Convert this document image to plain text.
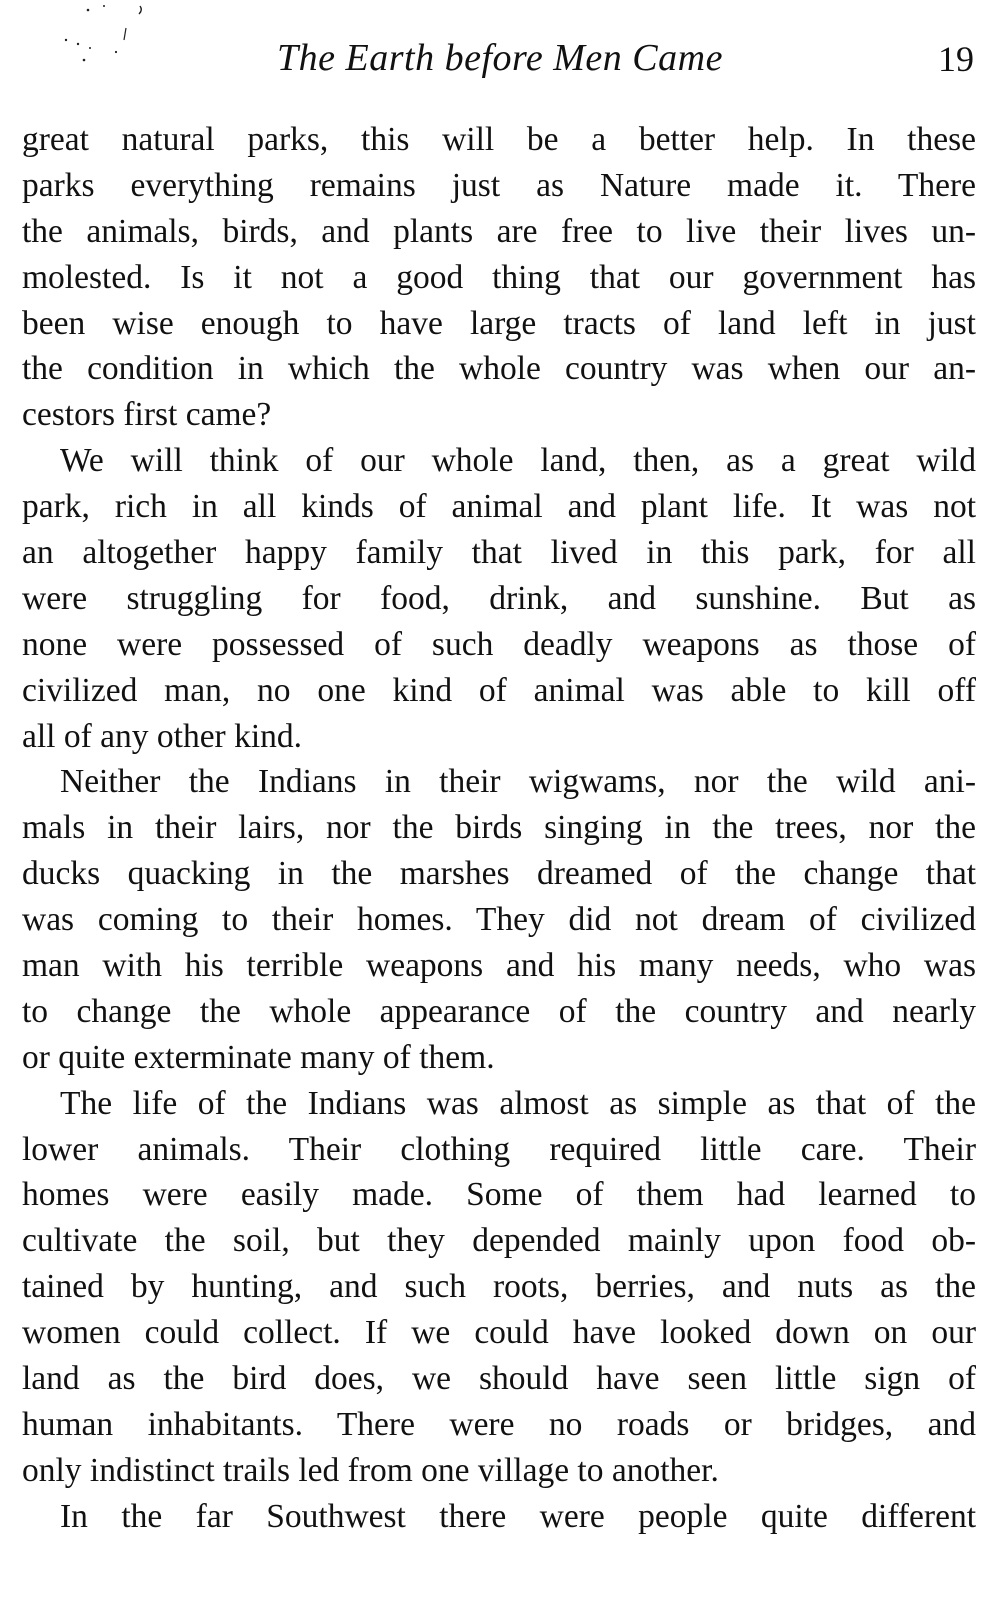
The Earth before Men Came	19

great natural parks, this will be a better help. In these
parks everything remains just as Nature made it. There
the animals, birds, and plants are free to live their lives un-
molested. Is it not a good thing that our government has
been wise enough to have large tracts of land left in just
the condition in which the whole country was when our an-
cestors first came?

We will think of our whole land, then, as a great wild
park, rich in all kinds of animal and plant life. It was not
an altogether happy family that lived in this park, for all
were struggling for food, drink, and sunshine. But as
none were possessed of such deadly weapons as those of
civilized man, no one kind of animal was able to kill off
all of any other kind.

Neither the Indians in their wigwams, nor the wild ani-
mals in their lairs, nor the birds singing in the trees, nor the
ducks quacking in the marshes dreamed of the change that
was coming to their homes. They did not dream of civilized
man with his terrible weapons and his many needs, who was
to change the whole appearance of the country and nearly
or quite exterminate many of them.

The life of the Indians was almost as simple as that of the
lower animals. Their clothing required little care. Their
homes were easily made. Some of them had learned to
cultivate the soil, but they depended mainly upon food ob-
tained by hunting, and such roots, berries, and nuts as the
women could collect. If we could have looked down on our
land as the bird does, we should have seen little sign of
human inhabitants. There were no roads or bridges, and
only indistinct trails led from one village to another.

In the far Southwest there were people quite different
